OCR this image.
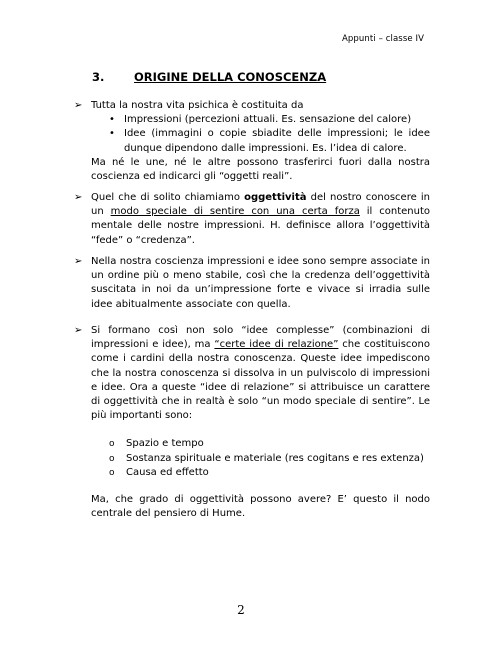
Appunti – classe IV
3.	ORIGINE DELLA CONOSCENZA
➢ Tutta la nostra vita psichica è costituita da
• Impressioni (percezioni attuali. Es. sensazione del calore)
• Idee (immagini o copie sbiadite delle impressioni; le idee dunque dipendono dalle impressioni. Es. l’idea di calore.
Ma né le une, né le altre possono trasferirci fuori dalla nostra coscienza ed indicarci gli “oggetti reali”.
➢ Quel che di solito chiamiamo oggettività del nostro conoscere in un modo speciale di sentire con una certa forza il contenuto mentale delle nostre impressioni. H. definisce allora l’oggettività “fede” o “credenza”.
➢ Nella nostra coscienza impressioni e idee sono sempre associate in un ordine più o meno stabile, così che la credenza dell’oggettività suscitata in noi da un’impressione forte e vivace si irradia sulle idee abitualmente associate con quella.
➢ Si formano così non solo “idee complesse” (combinazioni di impressioni e idee), ma “certe idee di relazione” che costituiscono come i cardini della nostra conoscenza. Queste idee impediscono che la nostra conoscenza si dissolva in un pulviscolo di impressioni e idee. Ora a queste “idee di relazione” si attribuisce un carattere di oggettività che in realtà è solo “un modo speciale di sentire”. Le più importanti sono:
o Spazio e tempo
o Sostanza spirituale e materiale (res cogitans e res extenza)
o Causa ed effetto
Ma, che grado di oggettività possono avere? E’ questo il nodo centrale del pensiero di Hume.
2
